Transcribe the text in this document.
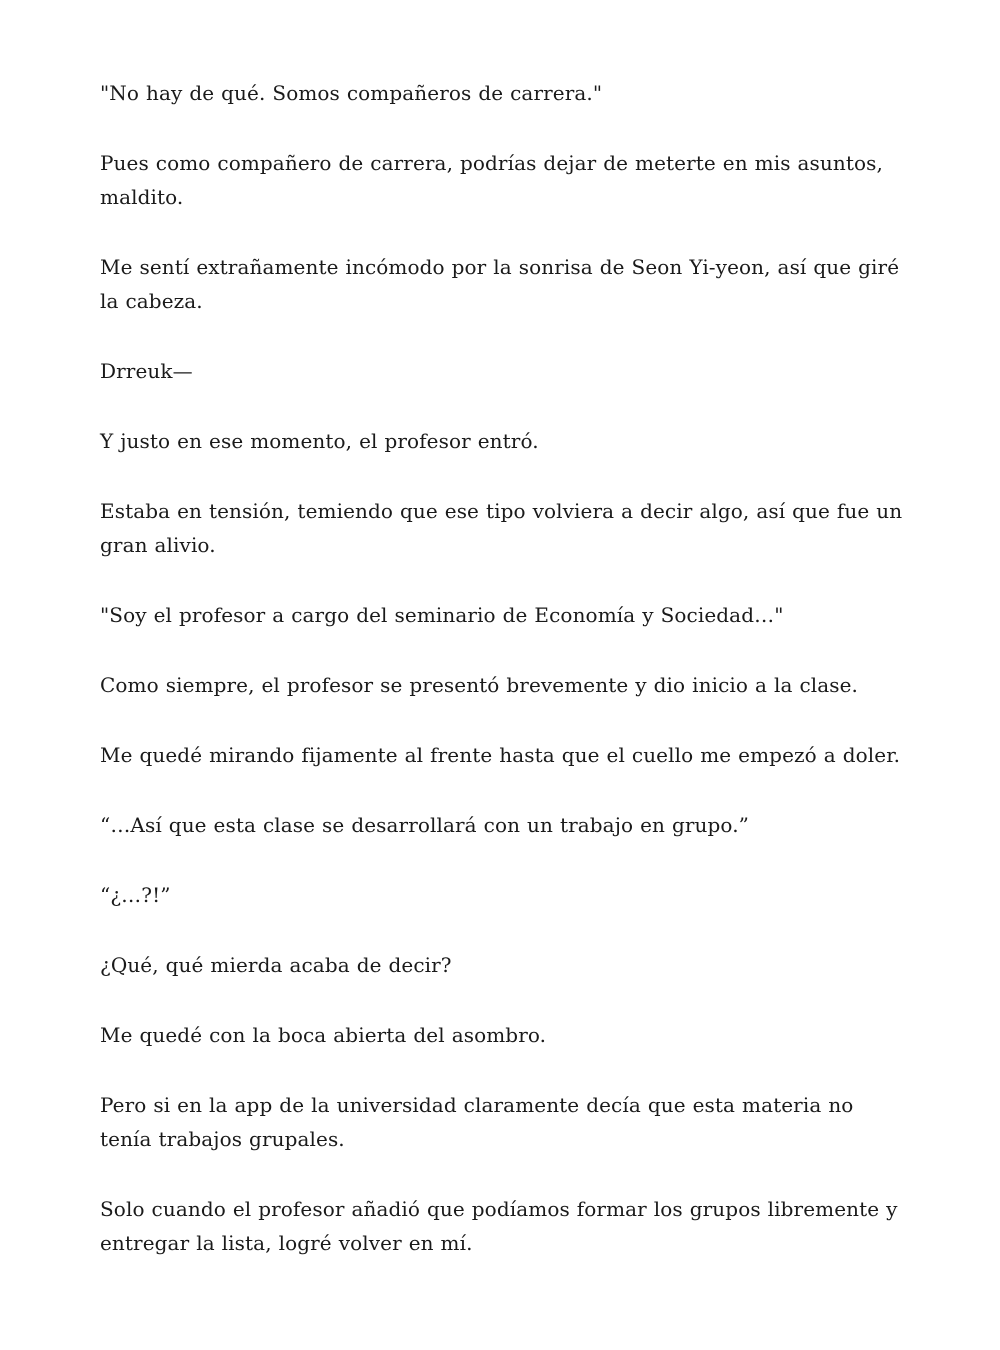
"No hay de qué. Somos compañeros de carrera."

Pues como compañero de carrera, podrías dejar de meterte en mis asuntos, maldito.

Me sentí extrañamente incómodo por la sonrisa de Seon Yi-yeon, así que giré la cabeza.

Drreuk—

Y justo en ese momento, el profesor entró.

Estaba en tensión, temiendo que ese tipo volviera a decir algo, así que fue un gran alivio.

"Soy el profesor a cargo del seminario de Economía y Sociedad…"

Como siempre, el profesor se presentó brevemente y dio inicio a la clase.

Me quedé mirando fijamente al frente hasta que el cuello me empezó a doler.

“…Así que esta clase se desarrollará con un trabajo en grupo.”

“¿…?!”

¿Qué, qué mierda acaba de decir?

Me quedé con la boca abierta del asombro.

Pero si en la app de la universidad claramente decía que esta materia no tenía trabajos grupales.

Solo cuando el profesor añadió que podíamos formar los grupos libremente y entregar la lista, logré volver en mí.
